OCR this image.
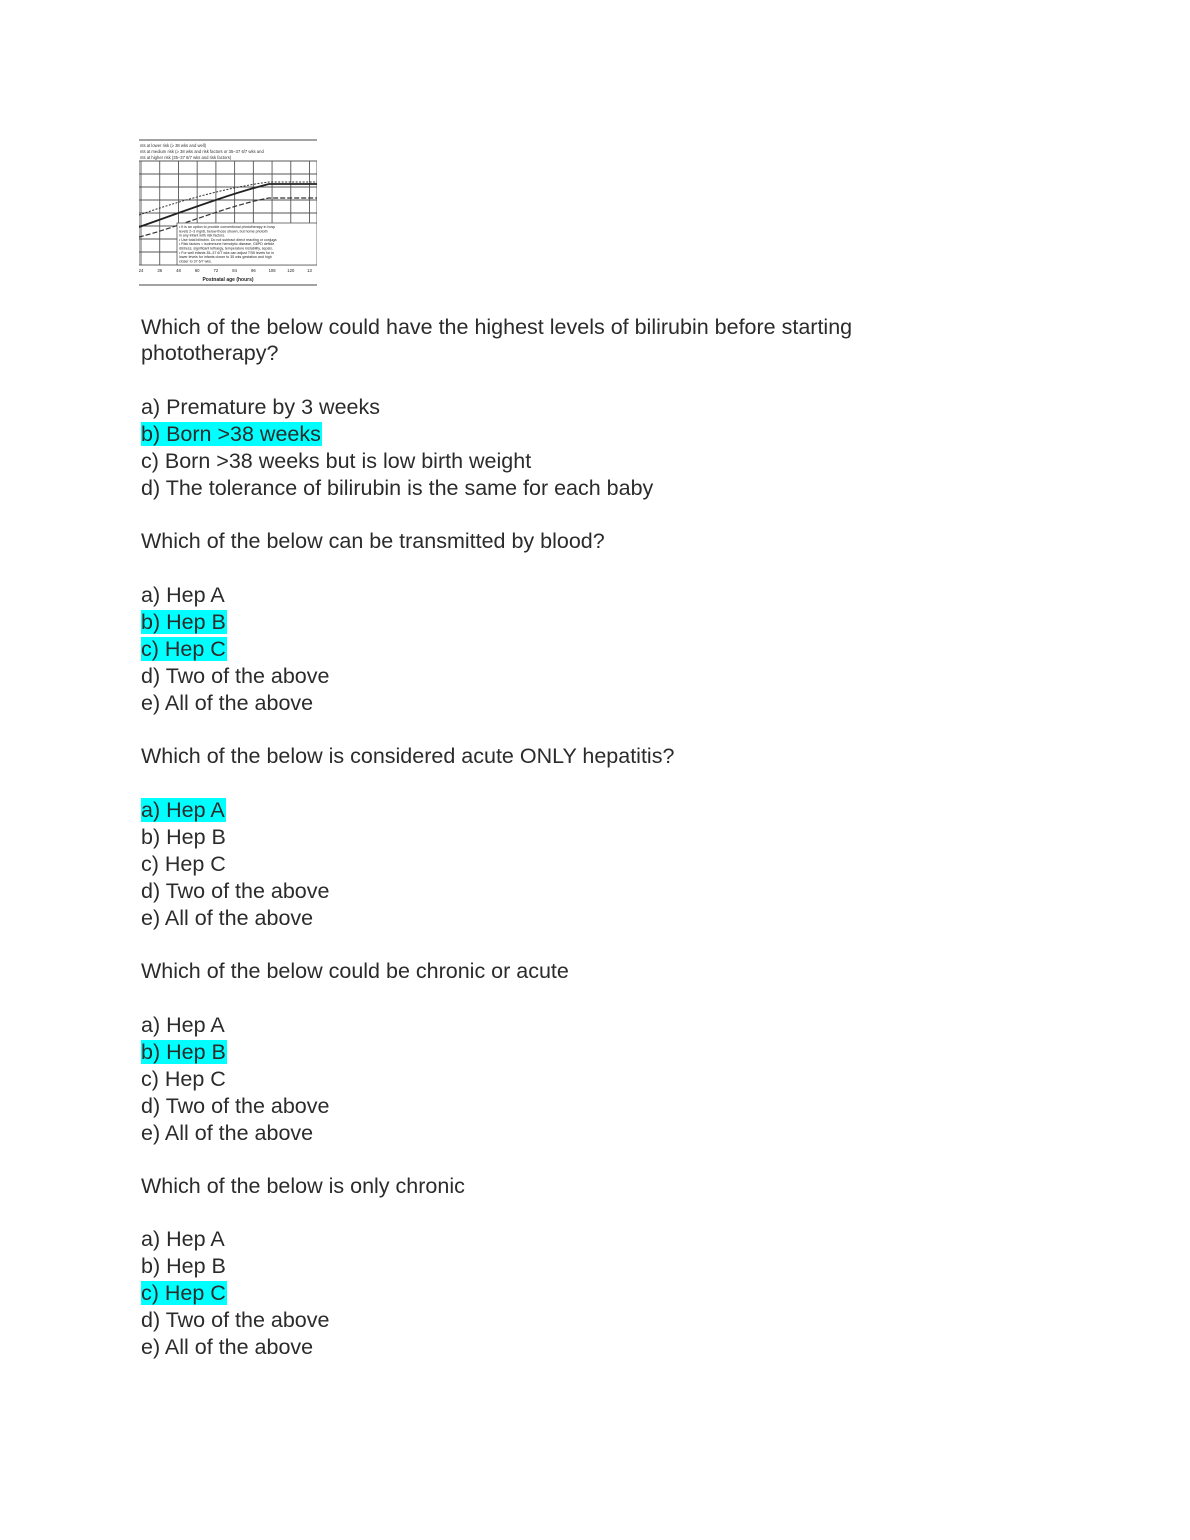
nts at lower risk (≥ 38 wks and well)
nts at medium risk (≥ 38 wks and risk factors or 35–37 6/7 wks and
nts at higher risk (35–37 6/7 wks and risk factors)
• It is an option to provide conventional phototherapy in hosp
levels 2–3 mg/dL below those shown, but home phototh
in any infant with risk factors.
• Use total bilirubin. Do not subtract direct reacting or conjuga
• Risk factors = isoimmune hemolytic disease, G6PD deficie
distress, significant lethargy, temperature instability, sepsis,
• For well infants 35–37 6/7 wks can adjust TSB levels for in
lower levels for infants closer to 35 wks gestation and high
closer to 37 6/7 wks.
24	36	48	60	72	84	96	108	120	13
Postnatal age (hours)
Which of the below could have the highest levels of bilirubin before starting phototherapy?
a) Premature by 3 weeks
b) Born >38 weeks
c) Born >38 weeks but is low birth weight
d) The tolerance of bilirubin is the same for each baby
Which of the below can be transmitted by blood?
a) Hep A
b) Hep B
c) Hep C
d) Two of the above
e) All of the above
Which of the below is considered acute ONLY hepatitis?
a) Hep A
b) Hep B
c) Hep C
d) Two of the above
e) All of the above
Which of the below could be chronic or acute
a) Hep A
b) Hep B
c) Hep C
d) Two of the above
e) All of the above
Which of the below is only chronic
a) Hep A
b) Hep B
c) Hep C
d) Two of the above
e) All of the above
